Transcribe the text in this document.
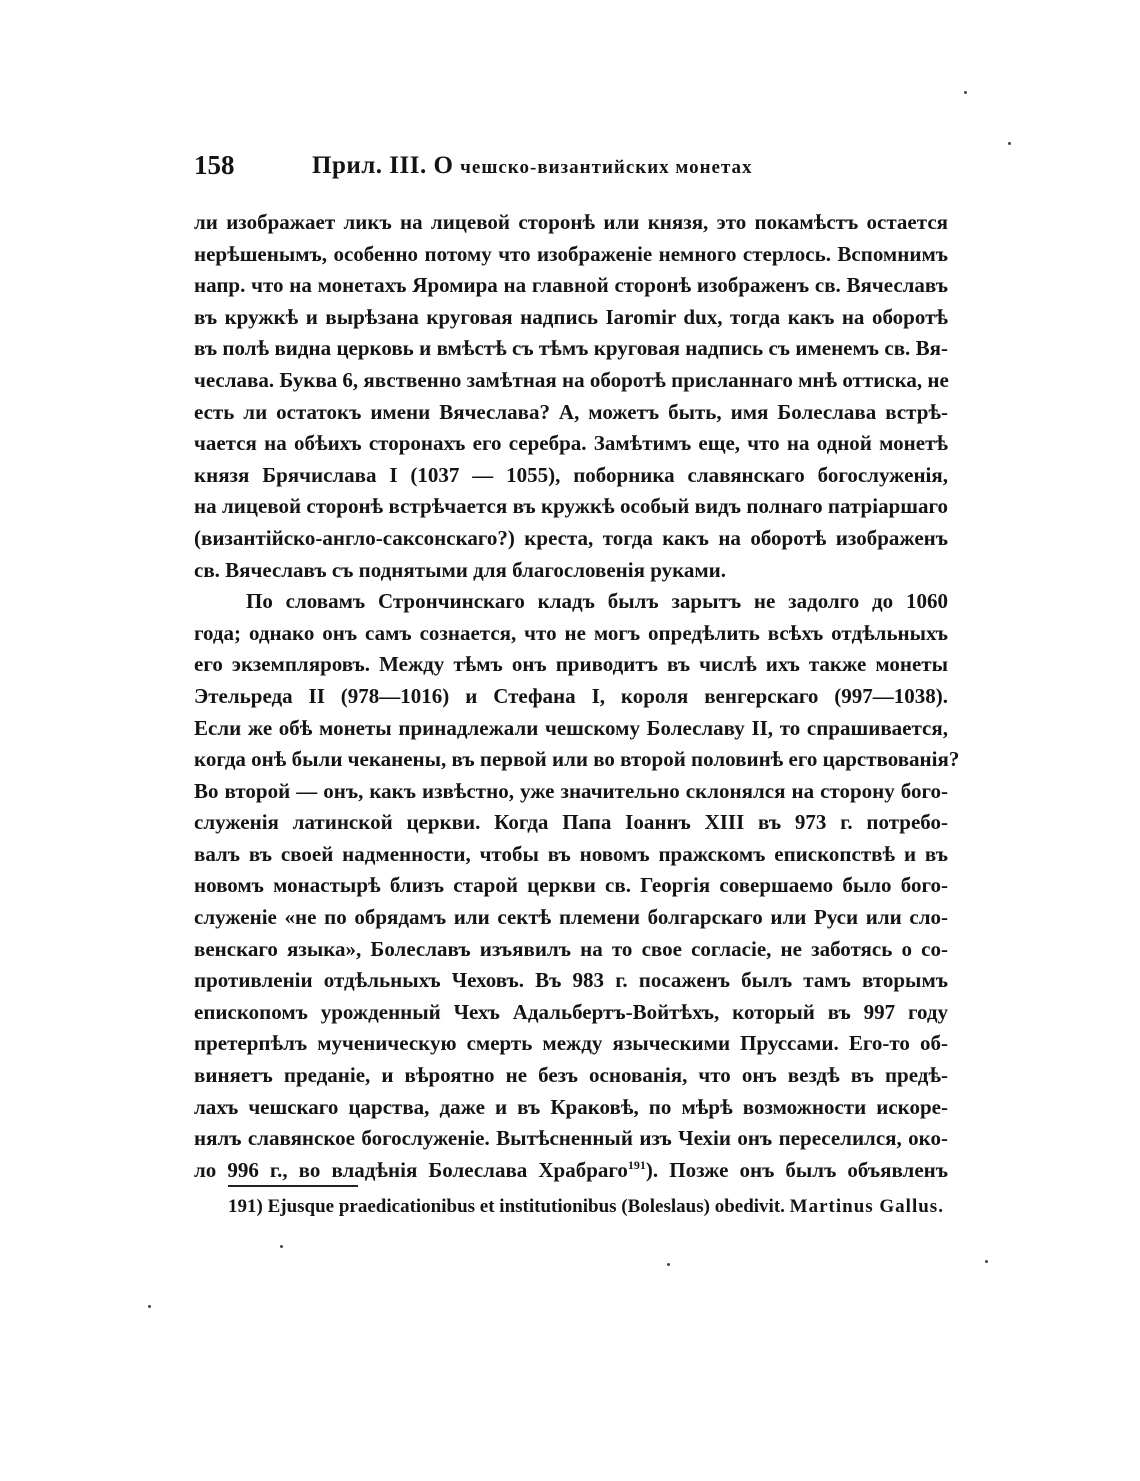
158	Прил. III. О чешско-византийских монетах
ли изображает ликъ на лицевой сторонѣ или князя, это покамѣстъ остается
нерѣшенымъ, особенно потому что изображеніе немного стерлось. Вспомнимъ
напр. что на монетахъ Яромира на главной сторонѣ изображенъ св. Вячеславъ
въ кружкѣ и вырѣзана круговая надпись Iaromir dux, тогда какъ на оборотѣ
въ полѣ видна церковь и вмѣстѣ съ тѣмъ круговая надпись съ именемъ св. Вя-
чеслава. Буква 6, явственно замѣтная на оборотѣ присланнаго мнѣ оттиска, не
есть ли остатокъ имени Вячеслава? А, можетъ быть, имя Болеслава встрѣ-
чается на обѣихъ сторонахъ его серебра. Замѣтимъ еще, что на одной монетѣ
князя Брячислава I (1037 — 1055), поборника славянскаго богослуженія,
на лицевой сторонѣ встрѣчается въ кружкѣ особый видъ полнаго патріаршаго
(византійско-англо-саксонскаго?) креста, тогда какъ на оборотѣ изображенъ
св. Вячеславъ съ поднятыми для благословенія руками.
По словамъ Стрончинскаго кладъ былъ зарытъ не задолго до 1060
года; однако онъ самъ сознается, что не могъ опредѣлить всѣхъ отдѣльныхъ
его экземпляровъ. Между тѣмъ онъ приводитъ въ числѣ ихъ также монеты
Этельреда II (978—1016) и Стефана I, короля венгерскаго (997—1038).
Если же обѣ монеты принадлежали чешскому Болеславу II, то спрашивается,
когда онѣ были чеканены, въ первой или во второй половинѣ его царствованія?
Во второй — онъ, какъ извѣстно, уже значительно склонялся на сторону бого-
служенія латинской церкви. Когда Папа Іоаннъ XIII въ 973 г. потребо-
валъ въ своей надменности, чтобы въ новомъ пражскомъ епископствѣ и въ
новомъ монастырѣ близъ старой церкви св. Георгія совершаемо было бого-
служеніе «не по обрядамъ или сектѣ племени болгарскаго или Руси или сло-
венскаго языка», Болеславъ изъявилъ на то свое согласіе, не заботясь о со-
противленіи отдѣльныхъ Чеховъ. Въ 983 г. посаженъ былъ тамъ вторымъ
епископомъ урожденный Чехъ Адальбертъ-Войтѣхъ, который въ 997 году
претерпѣлъ мученическую смерть между языческими Пруссами. Его-то об-
виняетъ преданіе, и вѣроятно не безъ основанія, что онъ вездѣ въ предѣ-
лахъ чешскаго царства, даже и въ Краковѣ, по мѣрѣ возможности искоре-
нялъ славянское богослуженіе. Вытѣсненный изъ Чехіи онъ переселился, око-
ло 996 г., во владѣнія Болеслава Храбраго$^{191}$). Позже онъ былъ объявленъ
191) Ejusque praedicationibus et institutionibus (Boleslaus) obedivit. Martinus Gallus.
